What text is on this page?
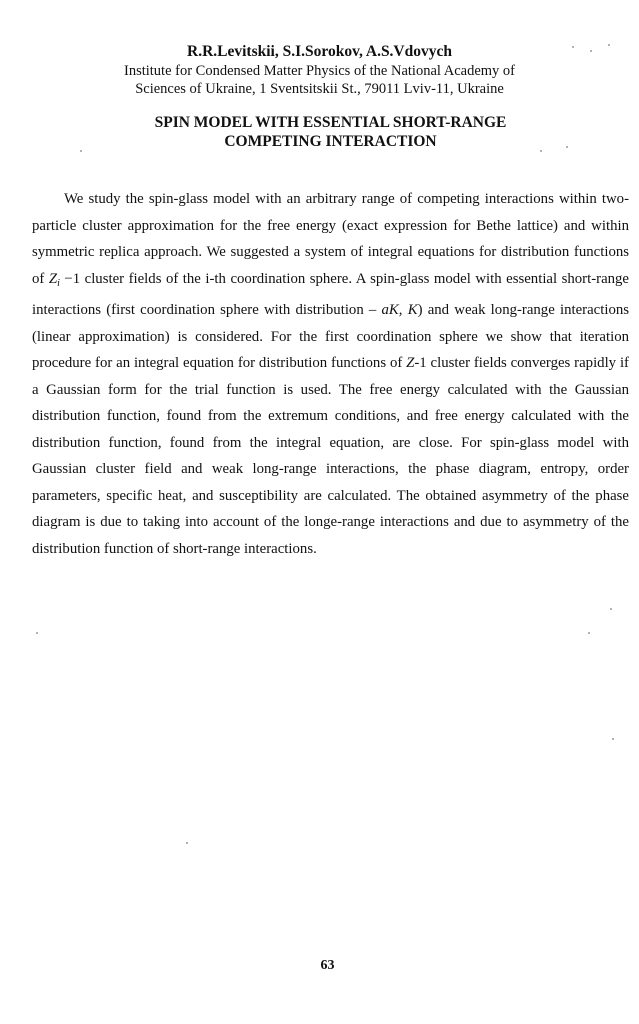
R.R.Levitskii, S.I.Sorokov, A.S.Vdovych
Institute for Condensed Matter Physics of the National Academy of
Sciences of Ukraine, 1 Sventsitskii St., 79011 Lviv-11, Ukraine
SPIN MODEL WITH ESSENTIAL SHORT-RANGE
COMPETING INTERACTION

We study the spin-glass model with an arbitrary range of competing interactions within two-particle cluster approximation for the free energy (exact expression for Bethe lattice) and within symmetric replica approach. We suggested a system of integral equations for distribution functions of $Z_i -1$ cluster fields of the i-th coordination sphere. A spin-glass model with essential short-range interactions (first coordination sphere with distribution – aK, K) and weak long-range interactions (linear approximation) is considered. For the first coordination sphere we show that iteration procedure for an integral equation for distribution functions of Z-1 cluster fields converges rapidly if a Gaussian form for the trial function is used. The free energy calculated with the Gaussian distribution function, found from the extremum conditions, and free energy calculated with the distribution function, found from the integral equation, are close. For spin-glass model with Gaussian cluster field and weak long-range interactions, the phase diagram, entropy, order parameters, specific heat, and susceptibility are calculated. The obtained asymmetry of the phase diagram is due to taking into account of the longe-range interactions and due to asymmetry of the distribution function of short-range interactions.

63
